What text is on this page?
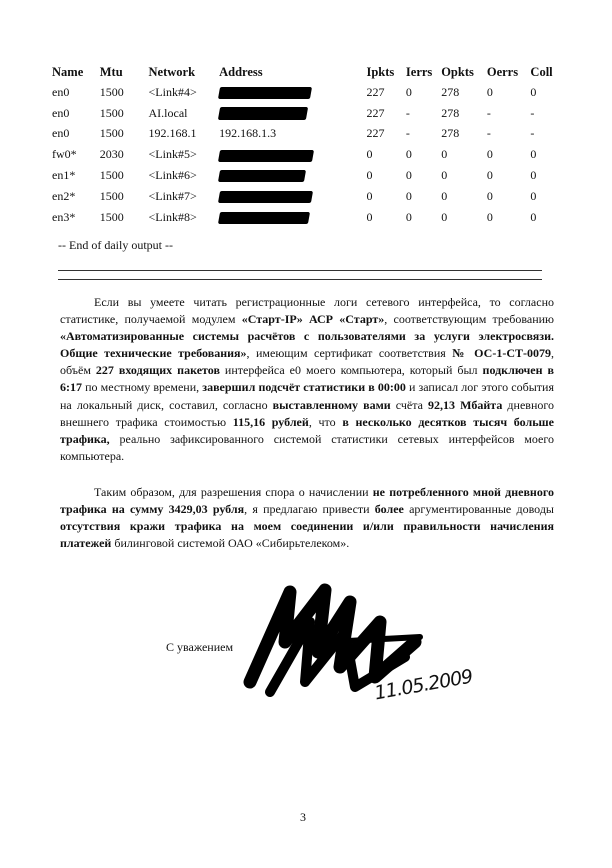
Name	Mtu	Network	Address	Ipkts	Ierrs	Opkts	Oerrs	Coll
en0	1500	<Link#4>		227	0	278	0	0
en0	1500	AI.local		227	-	278	-	-
en0	1500	192.168.1	192.168.1.3	227	-	278	-	-
fw0*	2030	<Link#5>		0	0	0	0	0
en1*	1500	<Link#6>		0	0	0	0	0
en2*	1500	<Link#7>		0	0	0	0	0
en3*	1500	<Link#8>		0	0	0	0	0
-- End of daily output --

Если вы умеете читать регистрационные логи сетевого интерфейса, то согласно статистике, получаемой модулем «Старт-IP» АСР «Старт», соответствующим требованию «Автоматизированные системы расчётов с пользователями за услуги электросвязи. Общие технические требования», имеющим сертификат соответствия № ОС-1-СТ-0079, объём 227 входящих пакетов интерфейса е0 моего компьютера, который был подключен в 6:17 по местному времени, завершил подсчёт статистики в 00:00 и записал лог этого события на локальный диск, составил, согласно выставленному вами счёта 92,13 Мбайта дневного внешнего трафика стоимостью 115,16 рублей, что в несколько десятков тысяч больше трафика, реально зафиксированного системой статистики сетевых интерфейсов моего компьютера.

Таким образом, для разрешения спора о начислении не потребленного мной дневного трафика на сумму 3429,03 рубля, я предлагаю привести более аргументированные доводы отсутствия кражи трафика на моем соединении и/или правильности начисления платежей билинговой системой ОАО «Сибирьтелеком».

С уважением
11.05.2009
3
